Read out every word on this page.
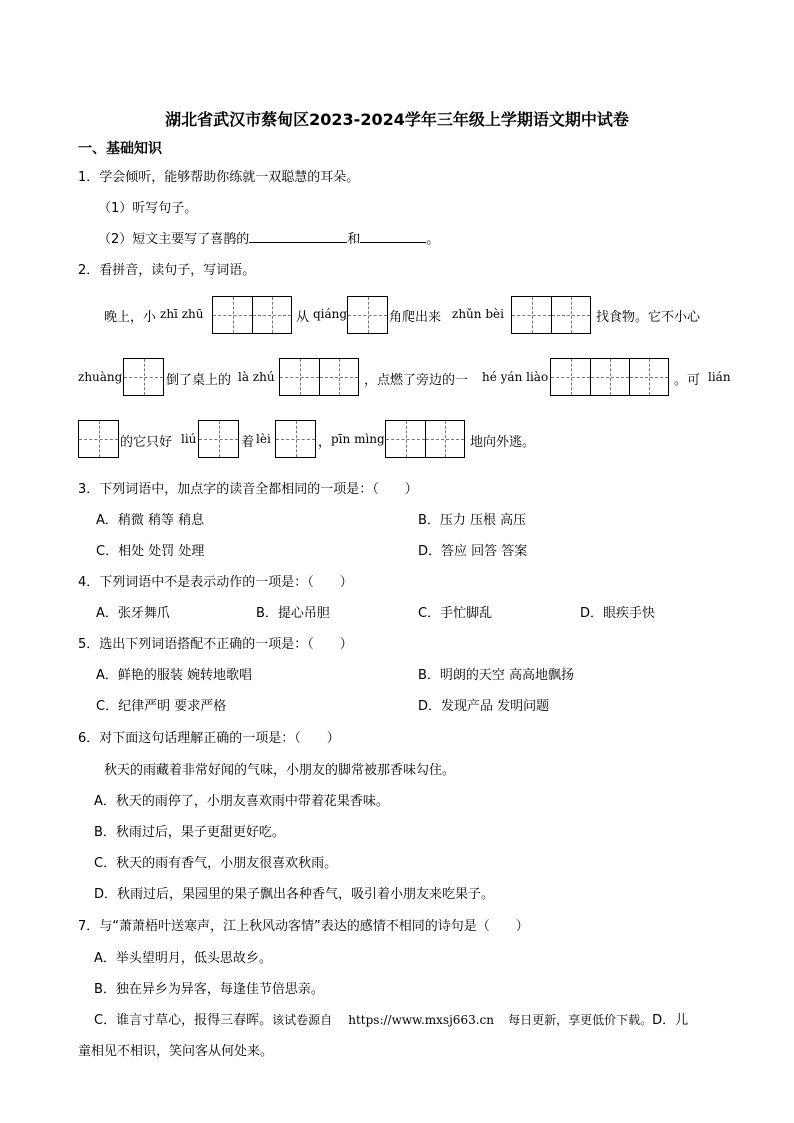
湖北省武汉市蔡甸区2023-2024学年三年级上学期语文期中试卷
一、基础知识
1．学会倾听，能够帮助你练就一双聪慧的耳朵。
（1）听写句子。
（2）短文主要写了喜鹊的	和	。
2．看拼音，读句子，写词语。
晚上，小 zhī zhū	从 qiáng	角爬出来 zhǔn bèi	找食物。它不小心
zhuàng	倒了桌上的 là zhú	，点燃了旁边的一 hé yán liào	。可 lián
的它只好 liú	着 lèi	， pīn mìng	地向外逃。
3．下列词语中，加点字的读音全都相同的一项是：（　　）
A．稍微 稍等 稍息	B．压力 压根 高压
C．相处 处罚 处理	D．答应 回答 答案
4．下列词语中不是表示动作的一项是：（　　）
A．张牙舞爪	B．提心吊胆	C．手忙脚乱	D．眼疾手快
5．选出下列词语搭配不正确的一项是：（　　）
A．鲜艳的服装 婉转地歌唱	B．明朗的天空 高高地飘扬
C．纪律严明 要求严格	D．发现产品 发明问题
6．对下面这句话理解正确的一项是：（　　）
秋天的雨藏着非常好闻的气味，小朋友的脚常被那香味勾住。
A．秋天的雨停了，小朋友喜欢雨中带着花果香味。
B．秋雨过后，果子更甜更好吃。
C．秋天的雨有香气，小朋友很喜欢秋雨。
D．秋雨过后，果园里的果子飘出各种香气，吸引着小朋友来吃果子。
7．与“萧萧梧叶送寒声，江上秋风动客情”表达的感情不相同的诗句是（　　）
A．举头望明月，低头思故乡。
B．独在异乡为异客，每逢佳节倍思亲。
C．谁言寸草心，报得三春晖。该试卷源自 https://www.mxsj663.cn 每日更新，享更低价下载。D．儿
童相见不相识，笑问客从何处来。
